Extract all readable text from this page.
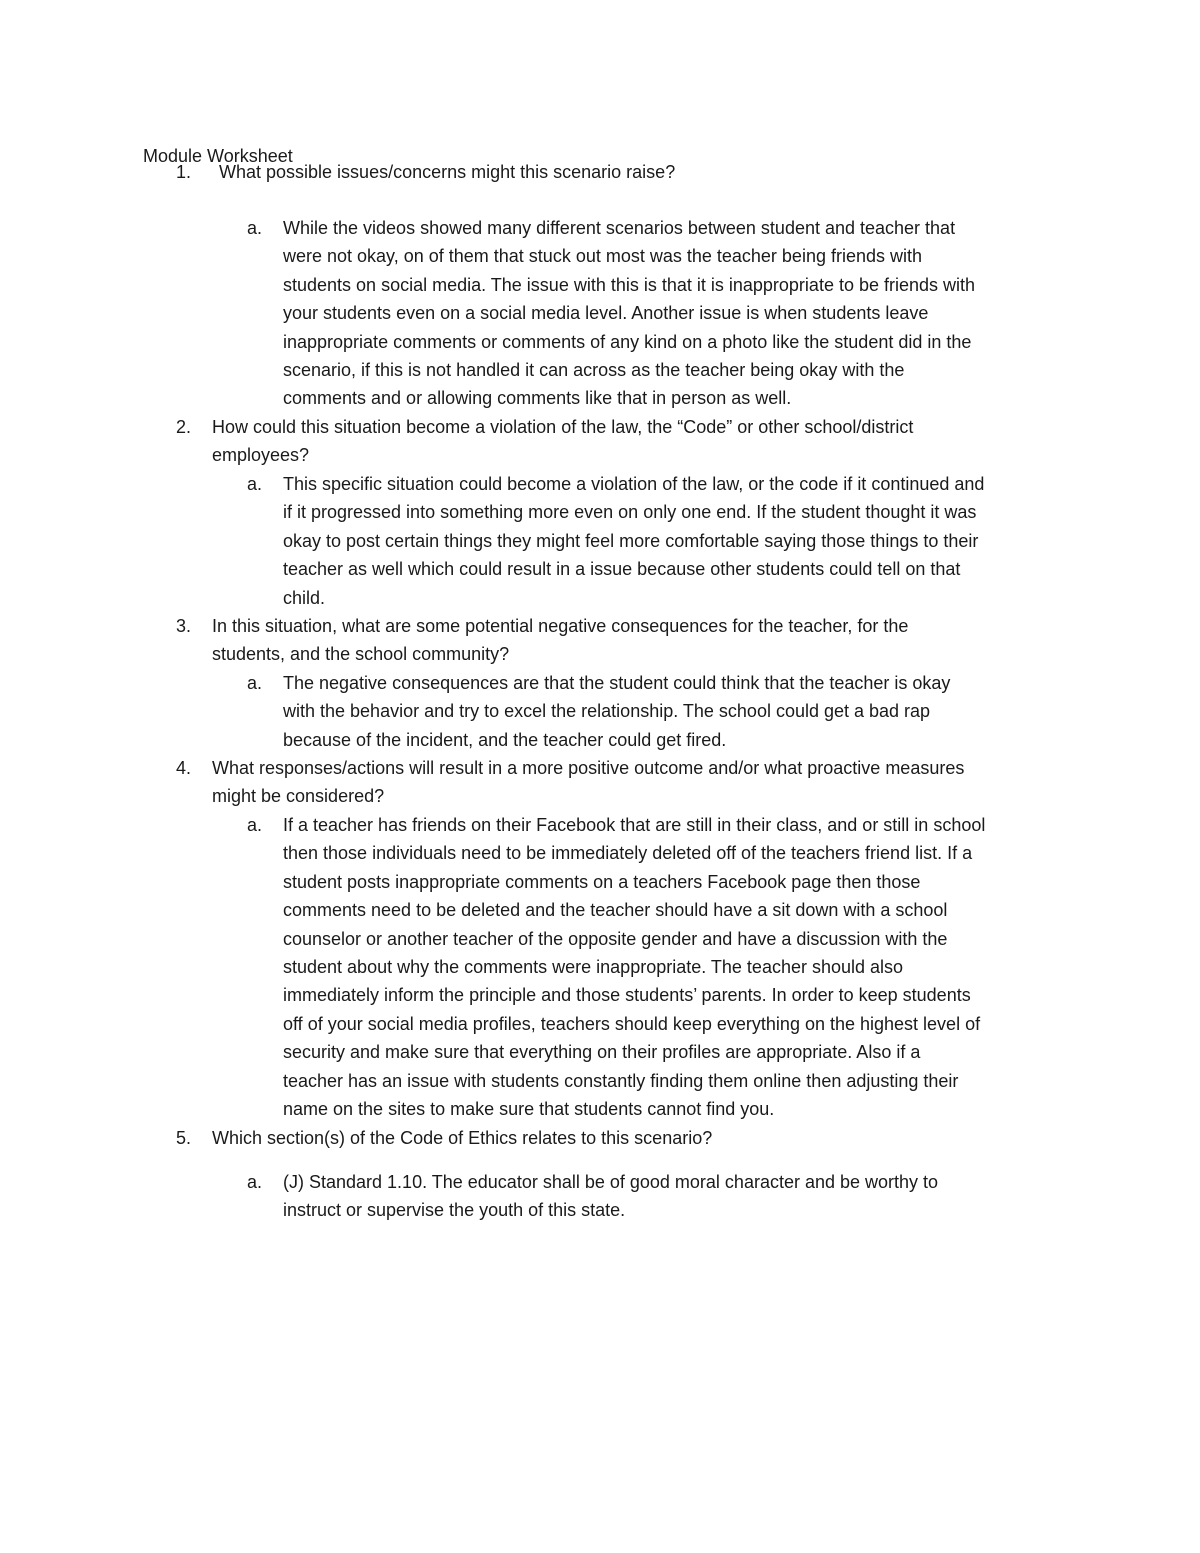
Module Worksheet
1.	What possible issues/concerns might this scenario raise?
a.	While the videos showed many different scenarios between student and teacher that
were not okay, on of them that stuck out most was the teacher being friends with
students on social media. The issue with this is that it is inappropriate to be friends with
your students even on a social media level. Another issue is when students leave
inappropriate comments or comments of any kind on a photo like the student did in the
scenario, if this is not handled it can across as the teacher being okay with the
comments and or allowing comments like that in person as well.
2.	How could this situation become a violation of the law, the “Code” or other school/district
employees?
a.	This specific situation could become a violation of the law, or the code if it continued and
if it progressed into something more even on only one end. If the student thought it was
okay to post certain things they might feel more comfortable saying those things to their
teacher as well which could result in a issue because other students could tell on that
child.
3.	In this situation, what are some potential negative consequences for the teacher, for the
students, and the school community?
a.	The negative consequences are that the student could think that the teacher is okay
with the behavior and try to excel the relationship. The school could get a bad rap
because of the incident, and the teacher could get fired.
4.	What responses/actions will result in a more positive outcome and/or what proactive measures
might be considered?
a.	If a teacher has friends on their Facebook that are still in their class, and or still in school
then those individuals need to be immediately deleted off of the teachers friend list. If a
student posts inappropriate comments on a teachers Facebook page then those
comments need to be deleted and the teacher should have a sit down with a school
counselor or another teacher of the opposite gender and have a discussion with the
student about why the comments were inappropriate. The teacher should also
immediately inform the principle and those students’ parents. In order to keep students
off of your social media profiles, teachers should keep everything on the highest level of
security and make sure that everything on their profiles are appropriate. Also if a
teacher has an issue with students constantly finding them online then adjusting their
name on the sites to make sure that students cannot find you.
5.	Which section(s) of the Code of Ethics relates to this scenario?
a.	(J) Standard 1.10. The educator shall be of good moral character and be worthy to
instruct or supervise the youth of this state.
